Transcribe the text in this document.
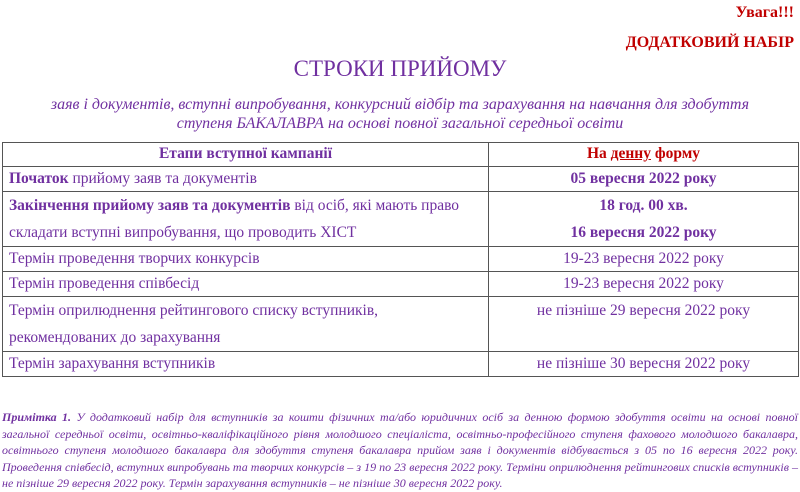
Увага!!!
ДОДАТКОВИЙ НАБІР
СТРОКИ ПРИЙОМУ
заяв і документів, вступні випробування, конкурсний відбір та зарахування на навчання для здобуття ступеня БАКАЛАВРА на основі повної загальної середньої освіти
Етапи вступної кампанії	На денну форму
Початок прийому заяв та документів	05 вересня 2022 року
Закінчення прийому заяв та документів від осіб, які мають право складати вступні випробування, що проводить ХІСТ	18 год. 00 хв.
16 вересня 2022 року

Термін проведення творчих конкурсів	19-23 вересня 2022 року
Термін проведення співбесід	19-23 вересня 2022 року
Термін оприлюднення рейтингового списку вступників, рекомендованих до зарахування	не пізніше 29 вересня 2022 року
Термін зарахування вступників	не пізніше 30 вересня 2022 року
Примітка 1. У додатковий набір для вступників за кошти фізичних та/або юридичних осіб за денною формою здобуття освіти на основі повної загальної середньої освіти, освітньо-кваліфікаційного рівня молодшого спеціаліста, освітньо-професійного ступеня фахового молодшого бакалавра, освітнього ступеня молодшого бакалавра для здобуття ступеня бакалавра прийом заяв і документів відбувається з 05 по 16 вересня 2022 року. Проведення співбесід, вступних випробувань та творчих конкурсів – з 19 по 23 вересня 2022 року. Терміни оприлюднення рейтингових списків вступників – не пізніше 29 вересня 2022 року. Термін зарахування вступників – не пізніше 30 вересня 2022 року.
